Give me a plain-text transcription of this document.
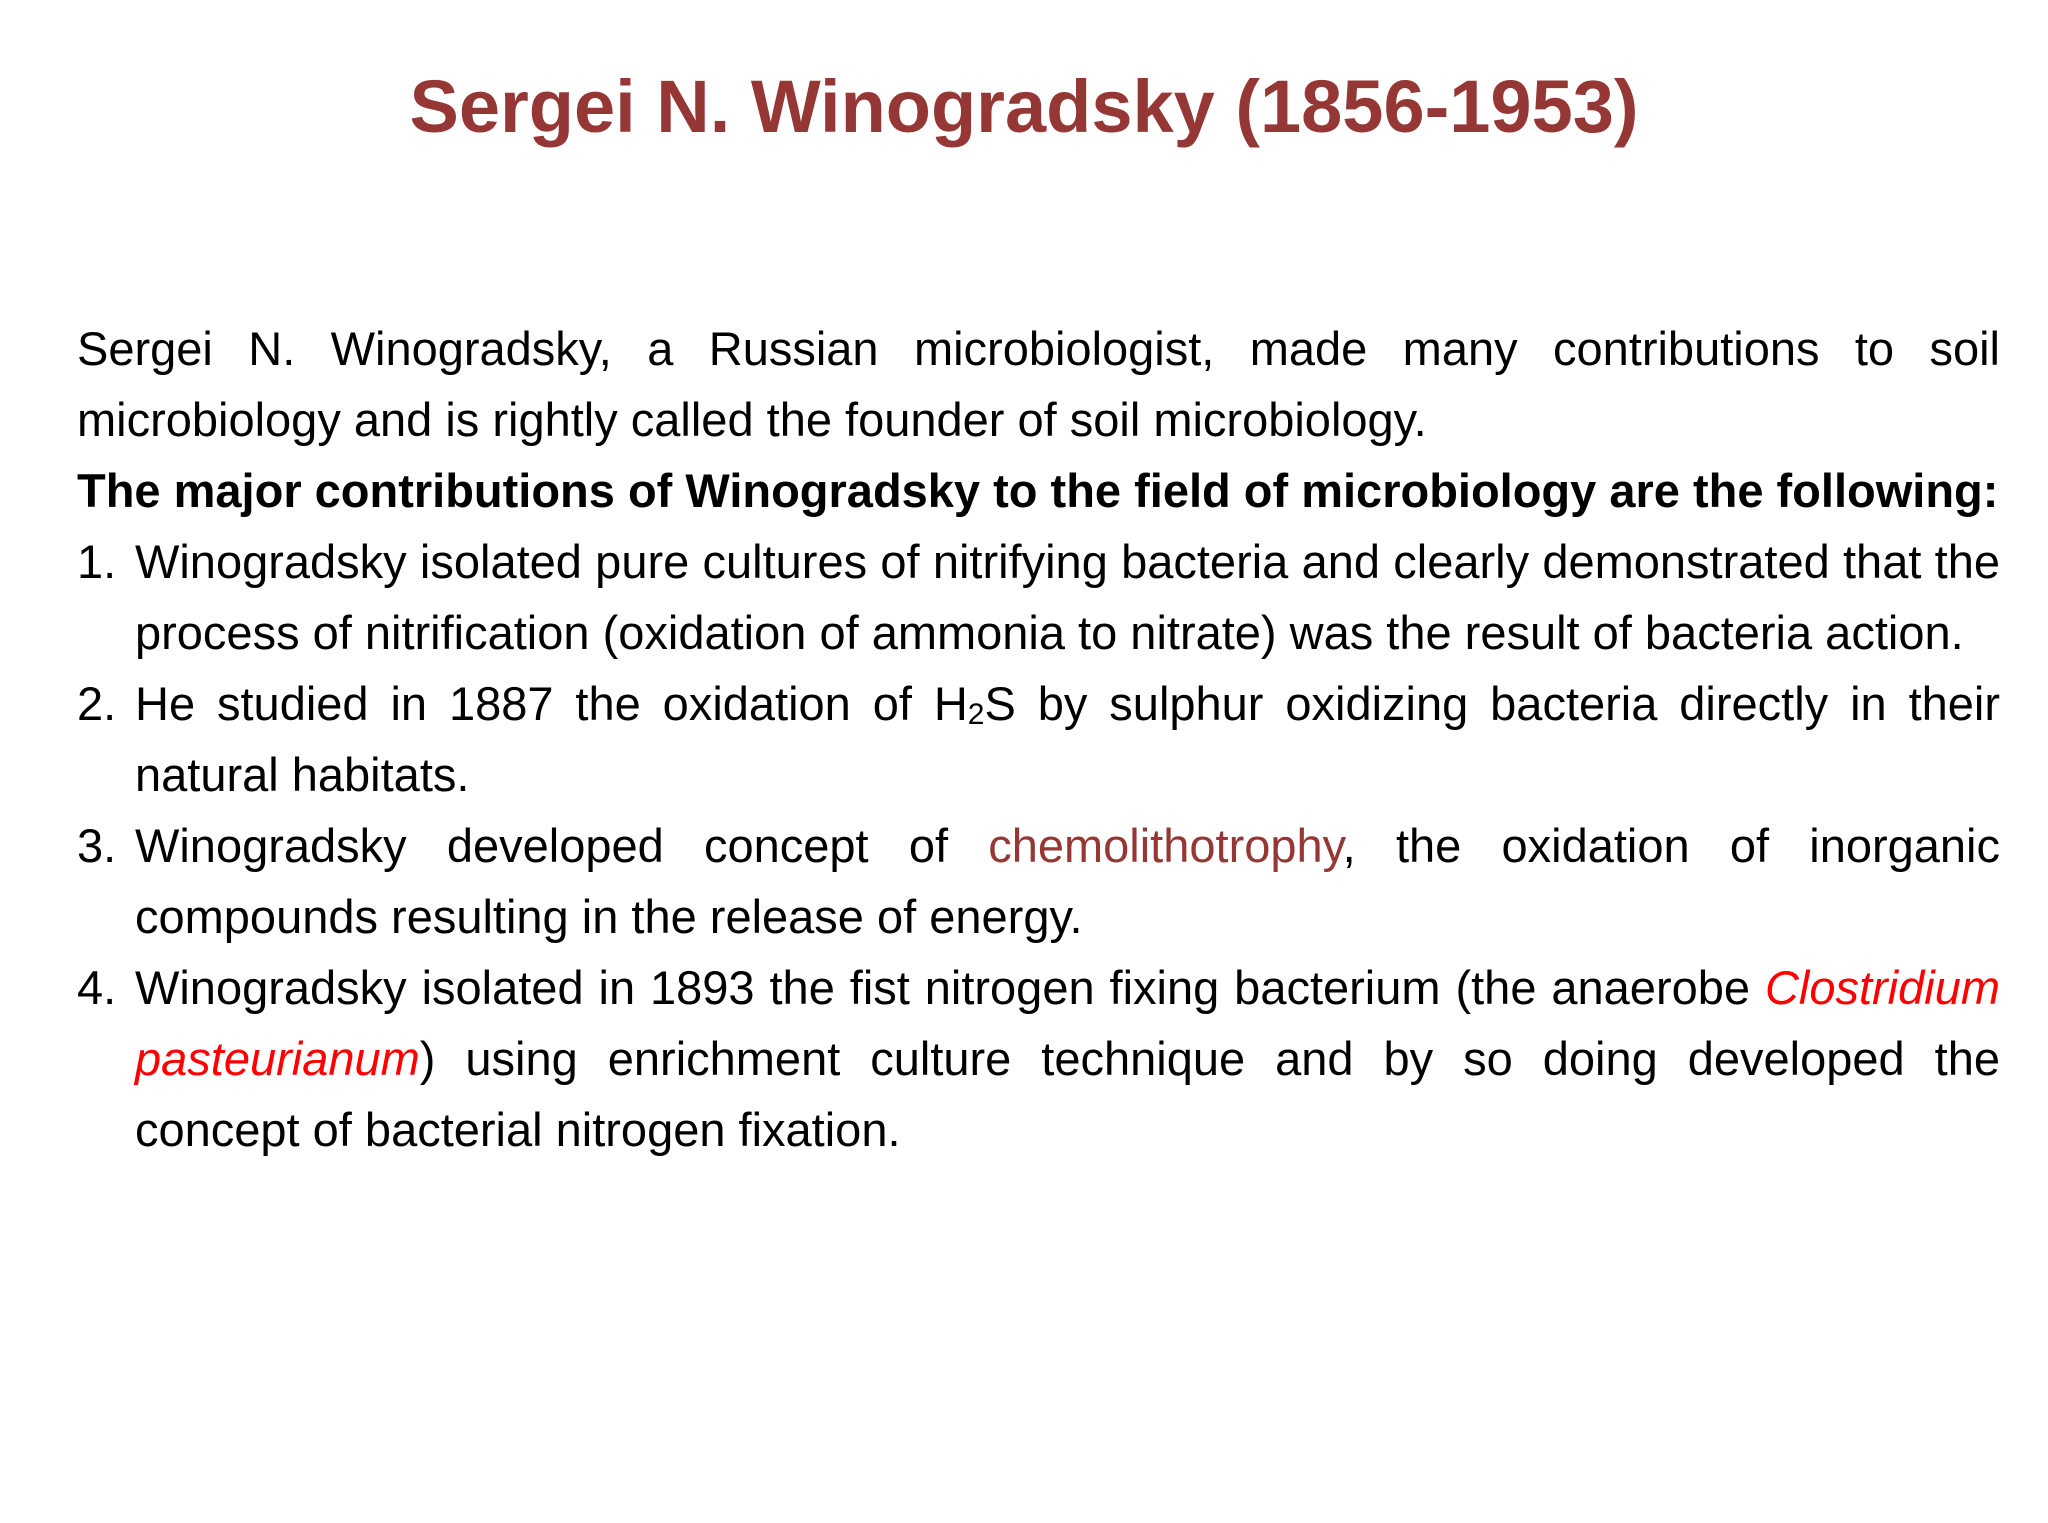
Sergei N. Winogradsky (1856-1953)

Sergei N. Winogradsky, a Russian microbiologist, made many contributions to soil microbiology and is rightly called the founder of soil microbiology.

The major contributions of Winogradsky to the field of microbiology are the following:

1. Winogradsky isolated pure cultures of nitrifying bacteria and clearly demonstrated that the process of nitrification (oxidation of ammonia to nitrate) was the result of bacteria action.
2. He studied in 1887 the oxidation of H2S by sulphur oxidizing bacteria directly in their natural habitats.
3. Winogradsky developed concept of chemolithotrophy, the oxidation of inorganic compounds resulting in the release of energy.
4. Winogradsky isolated in 1893 the fist nitrogen fixing bacterium (the anaerobe Clostridium pasteurianum) using enrichment culture technique and by so doing developed the concept of bacterial nitrogen fixation.
